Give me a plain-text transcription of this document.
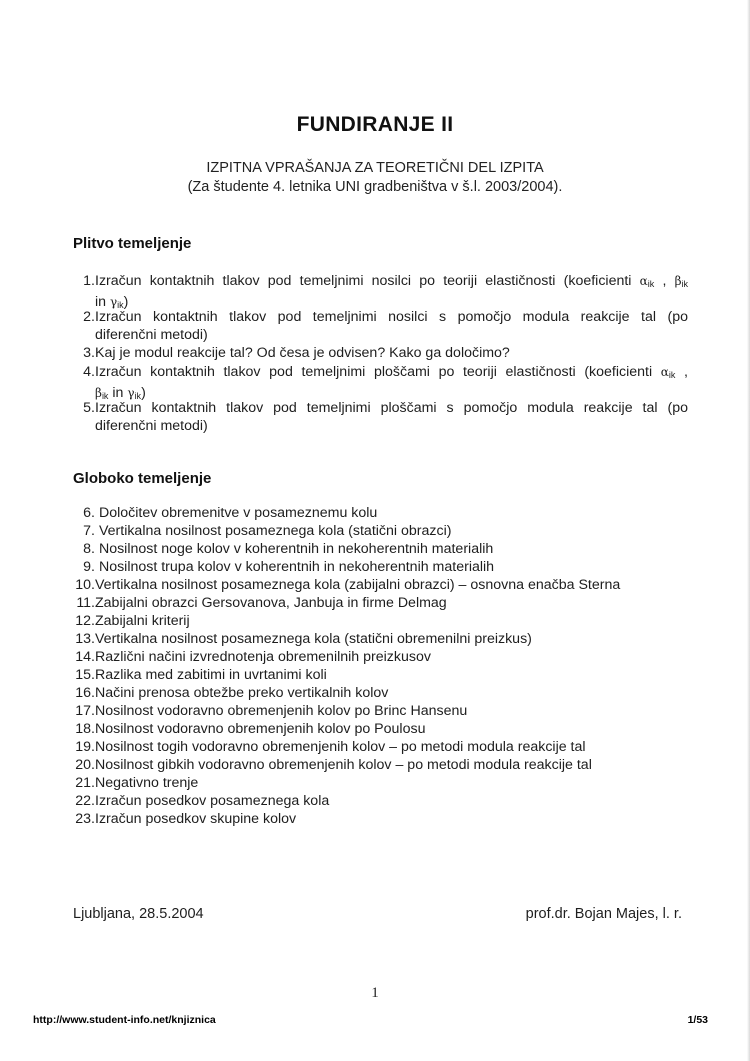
FUNDIRANJE II
IZPITNA VPRAŠANJA ZA TEORETIČNI DEL IZPITA
(Za študente 4. letnika UNI gradbeništva v š.l. 2003/2004).
Plitvo temeljenje
1. Izračun kontaktnih tlakov pod temeljnimi nosilci po teoriji elastičnosti (koeficienti $\alpha_{ik}$ , $\beta_{ik}$
in $\gamma_{ik}$)
2. Izračun kontaktnih tlakov pod temeljnimi nosilci s pomočjo modula reakcije tal (po
diferenčni metodi)
3. Kaj je modul reakcije tal? Od česa je odvisen? Kako ga določimo?
4. Izračun kontaktnih tlakov pod temeljnimi ploščami po teoriji elastičnosti (koeficienti $\alpha_{ik}$ ,
$\beta_{ik}$ in $\gamma_{ik}$)
5. Izračun kontaktnih tlakov pod temeljnimi ploščami s pomočjo modula reakcije tal (po
diferenčni metodi)
Globoko temeljenje
6. Določitev obremenitve v posameznemu kolu
7. Vertikalna nosilnost posameznega kola (statični obrazci)
8. Nosilnost noge kolov v koherentnih in nekoherentnih materialih
9. Nosilnost trupa kolov v koherentnih in nekoherentnih materialih
10.Vertikalna nosilnost posameznega kola (zabijalni obrazci) – osnovna enačba Sterna
11.Zabijalni obrazci Gersovanova, Janbuja in firme Delmag
12.Zabijalni kriterij
13.Vertikalna nosilnost posameznega kola (statični obremenilni preizkus)
14.Različni načini izvrednotenja obremenilnih preizkusov
15.Razlika med zabitimi in uvrtanimi koli
16.Načini prenosa obtežbe preko vertikalnih kolov
17.Nosilnost vodoravno obremenjenih kolov po Brinc Hansenu
18.Nosilnost vodoravno obremenjenih kolov po Poulosu
19.Nosilnost togih vodoravno obremenjenih kolov – po metodi modula reakcije tal
20.Nosilnost gibkih vodoravno obremenjenih kolov – po metodi modula reakcije tal
21.Negativno trenje
22.Izračun posedkov posameznega kola
23.Izračun posedkov skupine kolov
Ljubljana, 28.5.2004	prof.dr. Bojan Majes, l. r.
1
http://www.student-info.net/knjiznica	1/53
